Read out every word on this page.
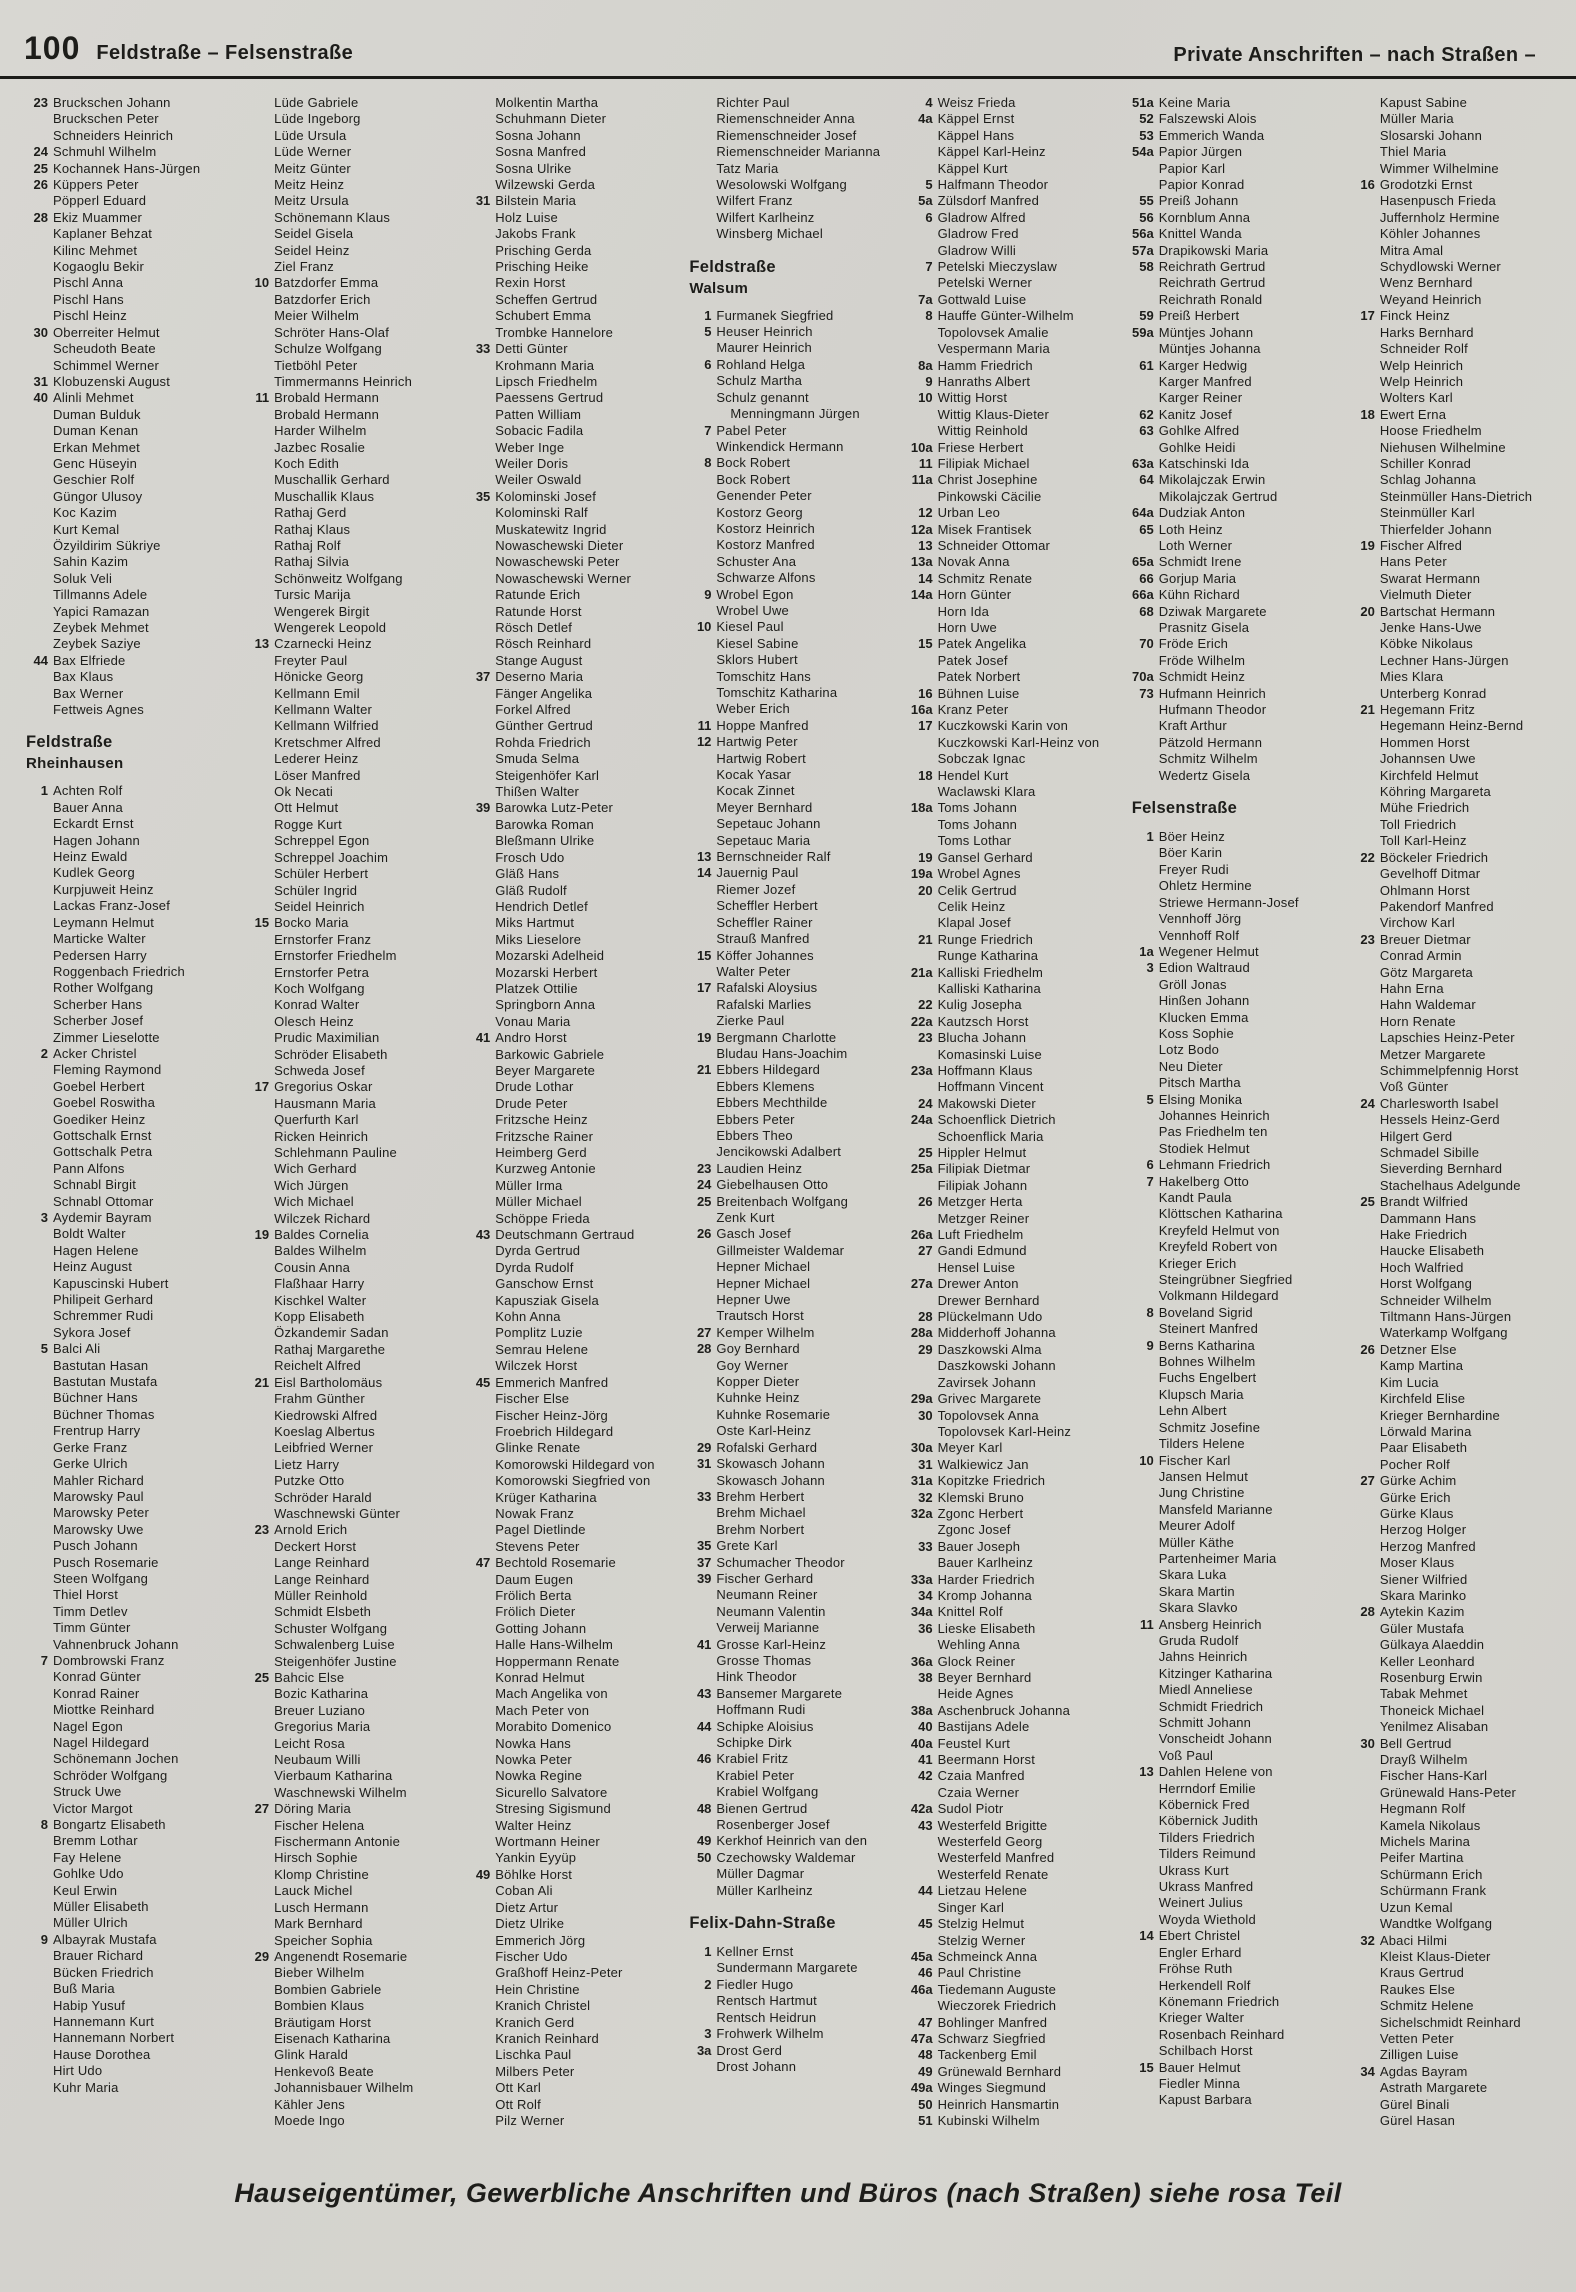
100 Feldstraße – Felsenstraße	Private Anschriften – nach Straßen –
23 Bruckschen Johann
Bruckschen Peter
Schneiders Heinrich
24 Schmuhl Wilhelm
25 Kochannek Hans-Jürgen
26 Küppers Peter
Pöpperl Eduard
28 Ekiz Muammer
Kaplaner Behzat
Kilinc Mehmet
Kogaoglu Bekir
Pischl Anna
Pischl Hans
Pischl Heinz
30 Oberreiter Helmut
Scheudoth Beate
Schimmel Werner
31 Klobuzenski August
40 Alinli Mehmet
Duman Bulduk
Duman Kenan
Erkan Mehmet
Genc Hüseyin
Geschier Rolf
Güngor Ulusoy
Koc Kazim
Kurt Kemal
Özyildirim Sükriye
Sahin Kazim
Soluk Veli
Tillmanns Adele
Yapici Ramazan
Zeybek Mehmet
Zeybek Saziye
44 Bax Elfriede
Bax Klaus
Bax Werner
Fettweis Agnes
Feldstraße
Rheinhausen
1 Achten Rolf
Bauer Anna
Eckardt Ernst
Hagen Johann
Heinz Ewald
Kudlek Georg
Kurpjuweit Heinz
Lackas Franz-Josef
Leymann Helmut
Marticke Walter
Pedersen Harry
Roggenbach Friedrich
Rother Wolfgang
Scherber Hans
Scherber Josef
Zimmer Lieselotte
2 Acker Christel
Fleming Raymond
Goebel Herbert
Goebel Roswitha
Goediker Heinz
Gottschalk Ernst
Gottschalk Petra
Pann Alfons
Schnabl Birgit
Schnabl Ottomar
3 Aydemir Bayram
Boldt Walter
Hagen Helene
Heinz August
Kapuscinski Hubert
Philipeit Gerhard
Schremmer Rudi
Sykora Josef
5 Balci Ali
Bastutan Hasan
Bastutan Mustafa
Büchner Hans
Büchner Thomas
Frentrup Harry
Gerke Franz
Gerke Ulrich
Mahler Richard
Marowsky Paul
Marowsky Peter
Marowsky Uwe
Pusch Johann
Pusch Rosemarie
Steen Wolfgang
Thiel Horst
Timm Detlev
Timm Günter
Vahnenbruck Johann
7 Dombrowski Franz
Konrad Günter
Konrad Rainer
Miottke Reinhard
Nagel Egon
Nagel Hildegard
Schönemann Jochen
Schröder Wolfgang
Struck Uwe
Victor Margot
8 Bongartz Elisabeth
Bremm Lothar
Fay Helene
Gohlke Udo
Keul Erwin
Müller Elisabeth
Müller Ulrich
9 Albayrak Mustafa
Brauer Richard
Bücken Friedrich
Buß Maria
Habip Yusuf
Hannemann Kurt
Hannemann Norbert
Hause Dorothea
Hirt Udo
Kuhr Maria
Lüde Gabriele
Lüde Ingeborg
Lüde Ursula
Lüde Werner
Meitz Günter
Meitz Heinz
Meitz Ursula
Schönemann Klaus
Seidel Gisela
Seidel Heinz
Ziel Franz
10 Batzdorfer Emma
Batzdorfer Erich
Meier Wilhelm
Schröter Hans-Olaf
Schulze Wolfgang
Tietböhl Peter
Timmermanns Heinrich
11 Brobald Hermann
Brobald Hermann
Harder Wilhelm
Jazbec Rosalie
Koch Edith
Muschallik Gerhard
Muschallik Klaus
Rathaj Gerd
Rathaj Klaus
Rathaj Rolf
Rathaj Silvia
Schönweitz Wolfgang
Tursic Marija
Wengerek Birgit
Wengerek Leopold
13 Czarnecki Heinz
Freyter Paul
Hönicke Georg
Kellmann Emil
Kellmann Walter
Kellmann Wilfried
Kretschmer Alfred
Lederer Heinz
Löser Manfred
Ok Necati
Ott Helmut
Rogge Kurt
Schreppel Egon
Schreppel Joachim
Schüler Herbert
Schüler Ingrid
Seidel Heinrich
15 Bocko Maria
Ernstorfer Franz
Ernstorfer Friedhelm
Ernstorfer Petra
Koch Wolfgang
Konrad Walter
Olesch Heinz
Prudic Maximilian
Schröder Elisabeth
Schweda Josef
17 Gregorius Oskar
Hausmann Maria
Querfurth Karl
Ricken Heinrich
Schlehmann Pauline
Wich Gerhard
Wich Jürgen
Wich Michael
Wilczek Richard
19 Baldes Cornelia
Baldes Wilhelm
Cousin Anna
Flaßhaar Harry
Kischkel Walter
Kopp Elisabeth
Özkandemir Sadan
Rathaj Margarethe
Reichelt Alfred
21 Eisl Bartholomäus
Frahm Günther
Kiedrowski Alfred
Koeslag Albertus
Leibfried Werner
Lietz Harry
Putzke Otto
Schröder Harald
Waschnewski Günter
23 Arnold Erich
Deckert Horst
Lange Reinhard
Lange Reinhard
Müller Reinhold
Schmidt Elsbeth
Schuster Wolfgang
Schwalenberg Luise
Steigenhöfer Justine
25 Bahcic Else
Bozic Katharina
Breuer Luziano
Gregorius Maria
Leicht Rosa
Neubaum Willi
Vierbaum Katharina
Waschnewski Wilhelm
27 Döring Maria
Fischer Helena
Fischermann Antonie
Hirsch Sophie
Klomp Christine
Lauck Michel
Lusch Hermann
Mark Bernhard
Speicher Sophia
29 Angenendt Rosemarie
Bieber Wilhelm
Bombien Gabriele
Bombien Klaus
Bräutigam Horst
Eisenach Katharina
Glink Harald
Henkevoß Beate
Johannisbauer Wilhelm
Kähler Jens
Moede Ingo
Molkentin Martha
Schuhmann Dieter
Sosna Johann
Sosna Manfred
Sosna Ulrike
Wilzewski Gerda
31 Bilstein Maria
Holz Luise
Jakobs Frank
Prisching Gerda
Prisching Heike
Rexin Horst
Scheffen Gertrud
Schubert Emma
Trombke Hannelore
33 Detti Günter
Krohmann Maria
Lipsch Friedhelm
Paessens Gertrud
Patten William
Sobacic Fadila
Weber Inge
Weiler Doris
Weiler Oswald
35 Kolominski Josef
Kolominski Ralf
Muskatewitz Ingrid
Nowaschewski Dieter
Nowaschewski Peter
Nowaschewski Werner
Ratunde Erich
Ratunde Horst
Rösch Detlef
Rösch Reinhard
Stange August
37 Deserno Maria
Fänger Angelika
Forkel Alfred
Günther Gertrud
Rohda Friedrich
Smuda Selma
Steigenhöfer Karl
Thißen Walter
39 Barowka Lutz-Peter
Barowka Roman
Bleßmann Ulrike
Frosch Udo
Gläß Hans
Gläß Rudolf
Hendrich Detlef
Miks Hartmut
Miks Lieselore
Mozarski Adelheid
Mozarski Herbert
Platzek Ottilie
Springborn Anna
Vonau Maria
41 Andro Horst
Barkowic Gabriele
Beyer Margarete
Drude Lothar
Drude Peter
Fritzsche Heinz
Fritzsche Rainer
Heimberg Gerd
Kurzweg Antonie
Müller Irma
Müller Michael
Schöppe Frieda
43 Deutschmann Gertraud
Dyrda Gertrud
Dyrda Rudolf
Ganschow Ernst
Kapusziak Gisela
Kohn Anna
Pomplitz Luzie
Semrau Helene
Wilczek Horst
45 Emmerich Manfred
Fischer Else
Fischer Heinz-Jörg
Froebrich Hildegard
Glinke Renate
Komorowski Hildegard von
Komorowski Siegfried von
Krüger Katharina
Nowak Franz
Pagel Dietlinde
Stevens Peter
47 Bechtold Rosemarie
Daum Eugen
Frölich Berta
Frölich Dieter
Gotting Johann
Halle Hans-Wilhelm
Hoppermann Renate
Konrad Helmut
Mach Angelika von
Mach Peter von
Morabito Domenico
Nowka Hans
Nowka Peter
Nowka Regine
Sicurello Salvatore
Stresing Sigismund
Walter Heinz
Wortmann Heiner
Yankin Eyyüp
49 Böhlke Horst
Coban Ali
Dietz Artur
Dietz Ulrike
Emmerich Jörg
Fischer Udo
Graßhoff Heinz-Peter
Hein Christine
Kranich Christel
Kranich Gerd
Kranich Reinhard
Lischka Paul
Milbers Peter
Ott Karl
Ott Rolf
Pilz Werner
Richter Paul
Riemenschneider Anna
Riemenschneider Josef
Riemenschneider Marianna
Tatz Maria
Wesolowski Wolfgang
Wilfert Franz
Wilfert Karlheinz
Winsberg Michael
Feldstraße
Walsum
1 Furmanek Siegfried
5 Heuser Heinrich
Maurer Heinrich
6 Rohland Helga
Schulz Martha
Schulz genannt
Menningmann Jürgen
7 Pabel Peter
Winkendick Hermann
8 Bock Robert
Bock Robert
Genender Peter
Kostorz Georg
Kostorz Heinrich
Kostorz Manfred
Schuster Ana
Schwarze Alfons
9 Wrobel Egon
Wrobel Uwe
10 Kiesel Paul
Kiesel Sabine
Sklors Hubert
Tomschitz Hans
Tomschitz Katharina
Weber Erich
11 Hoppe Manfred
12 Hartwig Peter
Hartwig Robert
Kocak Yasar
Kocak Zinnet
Meyer Bernhard
Sepetauc Johann
Sepetauc Maria
13 Bernschneider Ralf
14 Jauernig Paul
Riemer Jozef
Scheffler Herbert
Scheffler Rainer
Strauß Manfred
15 Köffer Johannes
Walter Peter
17 Rafalski Aloysius
Rafalski Marlies
Zierke Paul
19 Bergmann Charlotte
Bludau Hans-Joachim
21 Ebbers Hildegard
Ebbers Klemens
Ebbers Mechthilde
Ebbers Peter
Ebbers Theo
Jencikowski Adalbert
23 Laudien Heinz
24 Giebelhausen Otto
25 Breitenbach Wolfgang
Zenk Kurt
26 Gasch Josef
Gillmeister Waldemar
Hepner Michael
Hepner Michael
Hepner Uwe
Trautsch Horst
27 Kemper Wilhelm
28 Goy Bernhard
Goy Werner
Kopper Dieter
Kuhnke Heinz
Kuhnke Rosemarie
Oste Karl-Heinz
29 Rofalski Gerhard
31 Skowasch Johann
Skowasch Johann
33 Brehm Herbert
Brehm Michael
Brehm Norbert
35 Grete Karl
37 Schumacher Theodor
39 Fischer Gerhard
Neumann Reiner
Neumann Valentin
Verweij Marianne
41 Grosse Karl-Heinz
Grosse Thomas
Hink Theodor
43 Bansemer Margarete
Hoffmann Rudi
44 Schipke Aloisius
Schipke Dirk
46 Krabiel Fritz
Krabiel Peter
Krabiel Wolfgang
48 Bienen Gertrud
Rosenberger Josef
49 Kerkhof Heinrich van den
50 Czechowsky Waldemar
Müller Dagmar
Müller Karlheinz
Felix-Dahn-Straße
1 Kellner Ernst
Sundermann Margarete
2 Fiedler Hugo
Rentsch Hartmut
Rentsch Heidrun
3 Frohwerk Wilhelm
3a Drost Gerd
Drost Johann
4 Weisz Frieda
4a Käppel Ernst
Käppel Hans
Käppel Karl-Heinz
Käppel Kurt
5 Halfmann Theodor
5a Zülsdorf Manfred
6 Gladrow Alfred
Gladrow Fred
Gladrow Willi
7 Petelski Mieczyslaw
Petelski Werner
7a Gottwald Luise
8 Hauffe Günter-Wilhelm
Topolovsek Amalie
Vespermann Maria
8a Hamm Friedrich
9 Hanraths Albert
10 Wittig Horst
Wittig Klaus-Dieter
Wittig Reinhold
10a Friese Herbert
11 Filipiak Michael
11a Christ Josephine
Pinkowski Cäcilie
12 Urban Leo
12a Misek Frantisek
13 Schneider Ottomar
13a Novak Anna
14 Schmitz Renate
14a Horn Günter
Horn Ida
Horn Uwe
15 Patek Angelika
Patek Josef
Patek Norbert
16 Bühnen Luise
16a Kranz Peter
17 Kuczkowski Karin von
Kuczkowski Karl-Heinz von
Sobczak Ignac
18 Hendel Kurt
Waclawski Klara
18a Toms Johann
Toms Johann
Toms Lothar
19 Gansel Gerhard
19a Wrobel Agnes
20 Celik Gertrud
Celik Heinz
Klapal Josef
21 Runge Friedrich
Runge Katharina
21a Kalliski Friedhelm
Kalliski Katharina
22 Kulig Josepha
22a Kautzsch Horst
23 Blucha Johann
Komasinski Luise
23a Hoffmann Klaus
Hoffmann Vincent
24 Makowski Dieter
24a Schoenflick Dietrich
Schoenflick Maria
25 Hippler Helmut
25a Filipiak Dietmar
Filipiak Johann
26 Metzger Herta
Metzger Reiner
26a Luft Friedhelm
27 Gandi Edmund
Hensel Luise
27a Drewer Anton
Drewer Bernhard
28 Plückelmann Udo
28a Midderhoff Johanna
29 Daszkowski Alma
Daszkowski Johann
Zavirsek Johann
29a Grivec Margarete
30 Topolovsek Anna
Topolovsek Karl-Heinz
30a Meyer Karl
31 Walkiewicz Jan
31a Kopitzke Friedrich
32 Klemski Bruno
32a Zgonc Herbert
Zgonc Josef
33 Bauer Joseph
Bauer Karlheinz
33a Harder Friedrich
34 Kromp Johanna
34a Knittel Rolf
36 Lieske Elisabeth
Wehling Anna
36a Glock Reiner
38 Beyer Bernhard
Heide Agnes
38a Aschenbruck Johanna
40 Bastijans Adele
40a Feustel Kurt
41 Beermann Horst
42 Czaia Manfred
Czaia Werner
42a Sudol Piotr
43 Westerfeld Brigitte
Westerfeld Georg
Westerfeld Manfred
Westerfeld Renate
44 Lietzau Helene
Singer Karl
45 Stelzig Helmut
Stelzig Werner
45a Schmeinck Anna
46 Paul Christine
46a Tiedemann Auguste
Wieczorek Friedrich
47 Bohlinger Manfred
47a Schwarz Siegfried
48 Tackenberg Emil
49 Grünewald Bernhard
49a Winges Siegmund
50 Heinrich Hansmartin
51 Kubinski Wilhelm
51a Keine Maria
52 Falszewski Alois
53 Emmerich Wanda
54a Papior Jürgen
Papior Karl
Papior Konrad
55 Preiß Johann
56 Kornblum Anna
56a Knittel Wanda
57a Drapikowski Maria
58 Reichrath Gertrud
Reichrath Gertrud
Reichrath Ronald
59 Preiß Herbert
59a Müntjes Johann
Müntjes Johanna
61 Karger Hedwig
Karger Manfred
Karger Reiner
62 Kanitz Josef
63 Gohlke Alfred
Gohlke Heidi
63a Katschinski Ida
64 Mikolajczak Erwin
Mikolajczak Gertrud
64a Dudziak Anton
65 Loth Heinz
Loth Werner
65a Schmidt Irene
66 Gorjup Maria
66a Kühn Richard
68 Dziwak Margarete
Prasnitz Gisela
70 Fröde Erich
Fröde Wilhelm
70a Schmidt Heinz
73 Hufmann Heinrich
Hufmann Theodor
Kraft Arthur
Pätzold Hermann
Schmitz Wilhelm
Wedertz Gisela
Felsenstraße
1 Böer Heinz
Böer Karin
Freyer Rudi
Ohletz Hermine
Striewe Hermann-Josef
Vennhoff Jörg
Vennhoff Rolf
1a Wegener Helmut
3 Edion Waltraud
Gröll Jonas
Hinßen Johann
Klucken Emma
Koss Sophie
Lotz Bodo
Neu Dieter
Pitsch Martha
5 Elsing Monika
Johannes Heinrich
Pas Friedhelm ten
Stodiek Helmut
6 Lehmann Friedrich
7 Hakelberg Otto
Kandt Paula
Klöttschen Katharina
Kreyfeld Helmut von
Kreyfeld Robert von
Krieger Erich
Steingrübner Siegfried
Volkmann Hildegard
8 Boveland Sigrid
Steinert Manfred
9 Berns Katharina
Bohnes Wilhelm
Fuchs Engelbert
Klupsch Maria
Lehn Albert
Schmitz Josefine
Tilders Helene
10 Fischer Karl
Jansen Helmut
Jung Christine
Mansfeld Marianne
Meurer Adolf
Müller Käthe
Partenheimer Maria
Skara Luka
Skara Martin
Skara Slavko
11 Ansberg Heinrich
Gruda Rudolf
Jahns Heinrich
Kitzinger Katharina
Miedl Anneliese
Schmidt Friedrich
Schmitt Johann
Vonscheidt Johann
Voß Paul
13 Dahlen Helene von
Herrndorf Emilie
Köbernick Fred
Köbernick Judith
Tilders Friedrich
Tilders Reimund
Ukrass Kurt
Ukrass Manfred
Weinert Julius
Woyda Wiethold
14 Ebert Christel
Engler Erhard
Fröhse Ruth
Herkendell Rolf
Könemann Friedrich
Krieger Walter
Rosenbach Reinhard
Schilbach Horst
15 Bauer Helmut
Fiedler Minna
Kapust Barbara
Kapust Sabine
Müller Maria
Slosarski Johann
Thiel Maria
Wimmer Wilhelmine
16 Grodotzki Ernst
Hasenpusch Frieda
Juffernholz Hermine
Köhler Johannes
Mitra Amal
Schydlowski Werner
Wenz Bernhard
Weyand Heinrich
17 Finck Heinz
Harks Bernhard
Schneider Rolf
Welp Heinrich
Welp Heinrich
Wolters Karl
18 Ewert Erna
Hoose Friedhelm
Niehusen Wilhelmine
Schiller Konrad
Schlag Johanna
Steinmüller Hans-Dietrich
Steinmüller Karl
Thierfelder Johann
19 Fischer Alfred
Hans Peter
Swarat Hermann
Vielmuth Dieter
20 Bartschat Hermann
Jenke Hans-Uwe
Köbke Nikolaus
Lechner Hans-Jürgen
Mies Klara
Unterberg Konrad
21 Hegemann Fritz
Hegemann Heinz-Bernd
Hommen Horst
Johannsen Uwe
Kirchfeld Helmut
Köhring Margareta
Mühe Friedrich
Toll Friedrich
Toll Karl-Heinz
22 Böckeler Friedrich
Gevelhoff Ditmar
Ohlmann Horst
Pakendorf Manfred
Virchow Karl
23 Breuer Dietmar
Conrad Armin
Götz Margareta
Hahn Erna
Hahn Waldemar
Horn Renate
Lapschies Heinz-Peter
Metzer Margarete
Schimmelpfennig Horst
Voß Günter
24 Charlesworth Isabel
Hessels Heinz-Gerd
Hilgert Gerd
Schmadel Sibille
Sieverding Bernhard
Stachelhaus Adelgunde
25 Brandt Wilfried
Dammann Hans
Hake Friedrich
Haucke Elisabeth
Hoch Walfried
Horst Wolfgang
Schneider Wilhelm
Tiltmann Hans-Jürgen
Waterkamp Wolfgang
26 Detzner Else
Kamp Martina
Kim Lucia
Kirchfeld Elise
Krieger Bernhardine
Lörwald Marina
Paar Elisabeth
Pocher Rolf
27 Gürke Achim
Gürke Erich
Gürke Klaus
Herzog Holger
Herzog Manfred
Moser Klaus
Siener Wilfried
Skara Marinko
28 Aytekin Kazim
Güler Mustafa
Gülkaya Alaeddin
Keller Leonhard
Rosenburg Erwin
Tabak Mehmet
Thoneick Michael
Yenilmez Alisaban
30 Bell Gertrud
Drayß Wilhelm
Fischer Hans-Karl
Grünewald Hans-Peter
Hegmann Rolf
Kamela Nikolaus
Michels Marina
Peifer Martina
Schürmann Erich
Schürmann Frank
Uzun Kemal
Wandtke Wolfgang
32 Abaci Hilmi
Kleist Klaus-Dieter
Kraus Gertrud
Raukes Else
Schmitz Helene
Sichelschmidt Reinhard
Vetten Peter
Zilligen Luise
34 Agdas Bayram
Astrath Margarete
Gürel Binali
Gürel Hasan
Hauseigentümer, Gewerbliche Anschriften und Büros (nach Straßen) siehe rosa Teil
